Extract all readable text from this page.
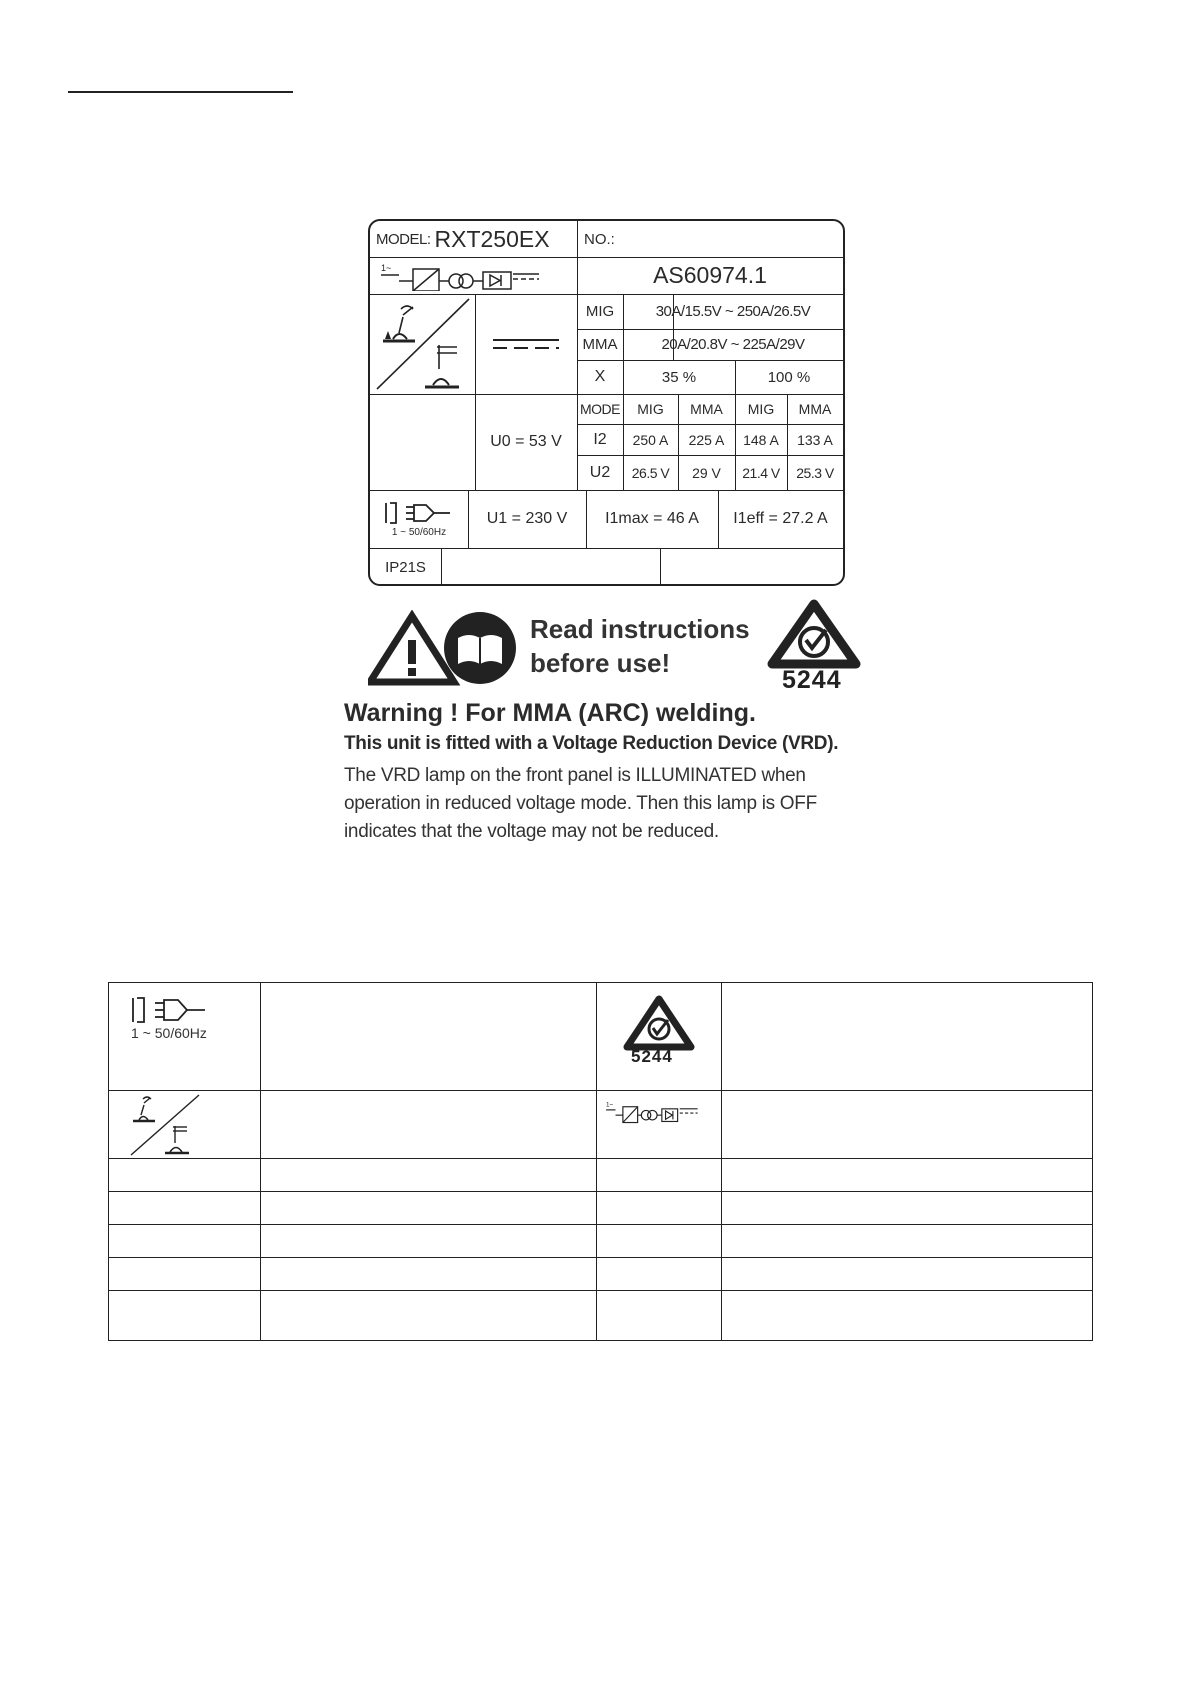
MODEL: RXT250EX NO.:
1~	AS60974.1
MIG	30A/15.5V ~ 250A/26.5V
MMA	20A/20.8V ~ 225A/29V
X	35 %	100 %
U0 = 53 V
MODE	MIG	MMA	MIG	MMA
I2	250 A	225 A	148 A	133 A
U2	26.5 V	29 V	21.4 V	25.3 V
1 ~ 50/60Hz
U1 = 230 V	I1max = 46 A	I1eff = 27.2 A
IP21S
Read instructions
before use!
5244
Warning ! For MMA (ARC) welding.
This unit is fitted with a Voltage Reduction Device (VRD).
The VRD lamp on the front panel is ILLUMINATED when
operation in reduced voltage mode. Then this lamp is OFF
indicates that the voltage may not be reduced.
1 ~ 50/60Hz		5244	

1~	
